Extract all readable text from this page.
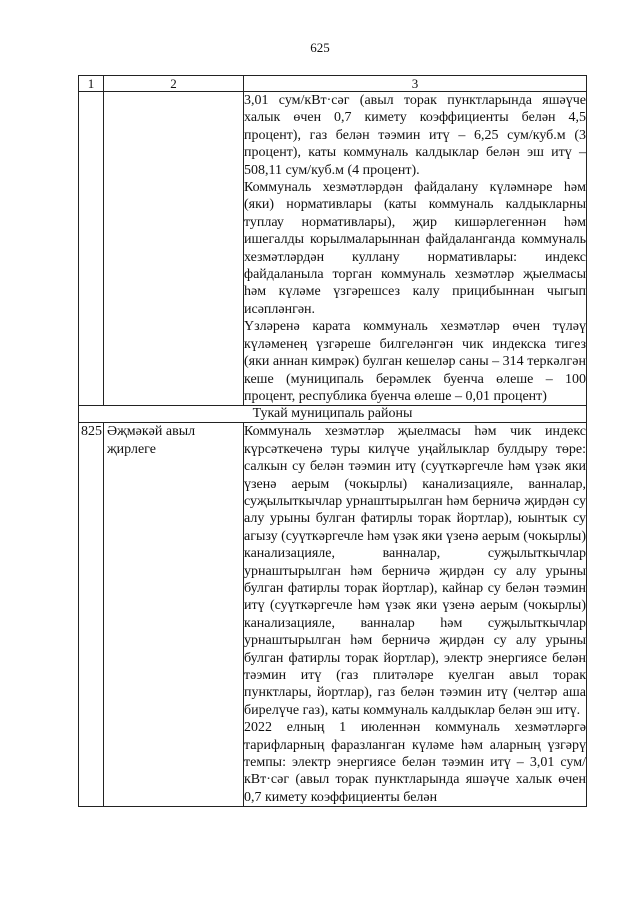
625
1	2	3

		3,01 сум/кВт·сәг (авыл торак пунктларында яшәүче халык өчен 0,7 кимету коэффициенты белән 4,5 процент), газ белән тәэмин итү – 6,25 сум/куб.м (3 процент), каты коммуналь калдыклар белән эш итү – 508,11 сум/куб.м (4 процент).

Коммуналь хезмәтләрдән файдалану күләмнәре һәм (яки) нормативлары (каты коммуналь калдыкларны туплау нормативлары), җир кишәрлегеннән һәм ишегалды корылмаларыннан файдаланганда коммуналь хезмәтләрдән куллану нормативлары: индекс файдаланыла торган коммуналь хезмәтләр җыелмасы һәм күләме үзгәрешсез калу прицибыннан чыгып исәпләнгән.

Үзләренә карата коммуналь хезмәтләр өчен түләү күләменең үзгәреше билгеләнгән чик индекска тигез (яки аннан кимрәк) булган кешеләр саны – 314 теркәлгән кеше (муниципаль берәмлек буенча өлеше – 100 процент, республика буенча өлеше – 0,01 процент)

Тукай муниципаль районы		
825	Әҗмәкәй авыл җирлеге	Коммуналь хезмәтләр җыелмасы һәм чик индекс күрсәткеченә туры килүче уңайлыклар булдыру төре: салкын су белән тәэмин итү (суүткәргечле һәм үзәк яки үзенә аерым (чокырлы) канализацияле, ванналар, суҗылыткычлар урнаштырылган һәм берничә җирдән су алу урыны булган фатирлы торак йортлар), юынтык су агызу (суүткәргечле һәм үзәк яки үзенә аерым (чокырлы) канализацияле, ванналар, суҗылыткычлар урнаштырылган һәм берничә җирдән су алу урыны булган фатирлы торак йортлар), кайнар су белән тәэмин итү (суүткәргечле һәм үзәк яки үзенә аерым (чокырлы) канализацияле, ванналар һәм суҗылыткычлар урнаштырылган һәм берничә җирдән су алу урыны булган фатирлы торак йортлар), электр энергиясе белән тәэмин итү (газ плитәләре куелган авыл торак пунктлары, йортлар), газ белән тәэмин итү (челтәр аша бирелүче газ), каты коммуналь калдыклар белән эш итү.

2022 елның 1 июленнән коммуналь хезмәтләргә тарифларның фаразланган күләме һәм аларның үзгәрү темпы: электр энергиясе белән тәэмин итү – 3,01 сум/кВт·сәг (авыл торак пунктларында яшәүче халык өчен 0,7 кимету коэффициенты белән
